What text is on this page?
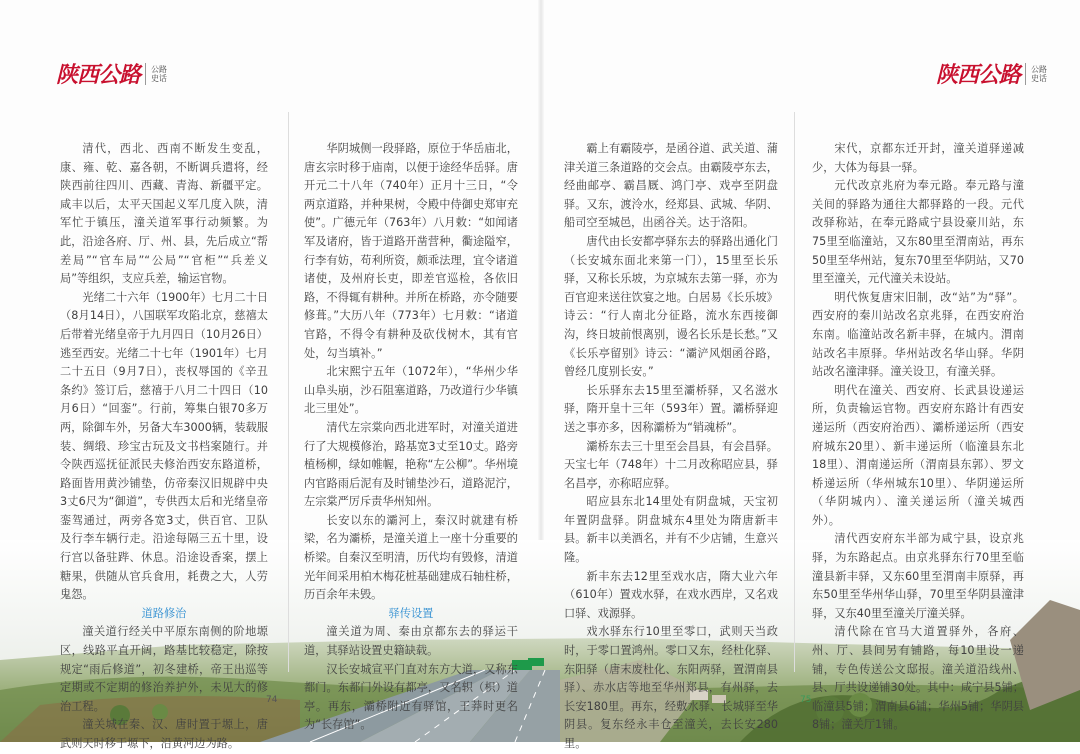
陕西公路 公路
史话	陕西公路 公路
史话

清代，西北、西南不断发生变乱，康、雍、乾、嘉各朝，不断调兵遣将，经陕西前往四川、西藏、青海、新疆平定。咸丰以后，太平天国起义军几度入陕，清军忙于镇压，潼关道军事行动频繁。为此，沿途各府、厅、州、县，先后成立“帮差局”“官车局”“公局”“官柜”“兵差义局”等组织，支应兵差，输运官物。

光绪二十六年（1900年）七月二十日（8月14日），八国联军攻陷北京，慈禧太后带着光绪皇帝于九月四日（10月26日）逃至西安。光绪二十七年（1901年）七月二十五日（9月7日），丧权辱国的《辛丑条约》签订后，慈禧于八月二十四日（10月6日）“回銮”。行前，筹集白银70多万两，除御车外，另备大车3000辆，装载服装、绸缎、珍宝古玩及文书档案随行。并令陕西巡抚征派民夫修治西安东路道桥，路面皆用黄沙铺垫，仿帝秦汉旧规辟中央3丈6尺为“御道”，专供西太后和光绪皇帝銮驾通过，两旁各宽3丈，供百官、卫队及行李车辆行走。沿途每隔三五十里，设行宫以备驻跸、休息。沿途设香案，摆上糖果，供随从官兵食用，耗费之大，人劳鬼怨。

道路修治

潼关道行经关中平原东南侧的阶地塬区，线路平直开阔，路基比较稳定，除按规定“雨后修道”，初冬建桥，帝王出巡等定期或不定期的修治养护外，未见大的修治工程。

潼关城在秦、汉、唐时置于塬上，唐武则天时移于塬下，沿黄河边为路。

华阴城侧一段驿路，原位于华岳庙北，唐玄宗时移于庙南，以便于途经华岳驿。唐开元二十八年（740年）正月十三日，“令两京道路，并种果树，令殿中侍御史郑审充使”。广德元年（763年）八月敕：“如闻诸军及诸府，皆于道路开凿营种，衢途隘窄，行李有妨，苟利所资，颇乖法理，宜令诸道诸使，及州府长吏，即差官巡检，各依旧路，不得辄有耕种。并所在桥路，亦令随要修葺。”大历八年（773年）七月敕：“诸道官路，不得令有耕种及砍伐树木，其有官处，勾当填补。”

北宋熙宁五年（1072年），“华州少华山阜头崩，沙石阻塞道路，乃改道行少华镇北三里处”。

清代左宗棠向西北进军时，对潼关道进行了大规模修治，路基宽3丈至10丈。路旁植杨柳，绿如帷幄，艳称“左公柳”。华州境内官路雨后泥有及时铺垫沙石，道路泥泞，左宗棠严厉斥责华州知州。

长安以东的灞河上，秦汉时就建有桥梁，名为灞桥，是潼关道上一座十分重要的桥梁。自秦汉至明清，历代均有毁修，清道光年间采用柏木梅花桩基础建成石轴柱桥，历百余年未毁。

驿传设置

潼关道为周、秦由京都东去的驿运干道，其驿站设置史籍缺载。

汉长安城宣平门直对东方大道，又称东都门。东都门外设有都亭，又名轵（枳）道亭。再东，灞桥附近有驿馆，王莽时更名为“长存馆”。

霸上有霸陵亭，是函谷道、武关道、蒲津关道三条道路的交会点。由霸陵亭东去，经曲邮亭、霸昌厩、鸿门亭、戏亭至阴盘驿。又东，渡泠水，经郑县、武城、华阴、船司空至城邑，出函谷关。达于洛阳。

唐代由长安都亭驿东去的驿路出通化门（长安城东面北来第一门），15里至长乐驿，又称长乐坡，为京城东去第一驿，亦为百官迎来送往饮宴之地。白居易《长乐坡》诗云：“行人南北分征路，流水东西接御沟，终日坡前恨离别，谩名长乐是长愁。”又《长乐亭留别》诗云：“灞浐风烟函谷路，曾经几度别长安。”

长乐驿东去15里至灞桥驿，又名滋水驿，隋开皇十三年（593年）置。灞桥驿迎送之事亦多，因称灞桥为“销魂桥”。

灞桥东去三十里至会昌县，有会昌驿。天宝七年（748年）十二月改称昭应县，驿名昌亭，亦称昭应驿。

昭应县东北14里处有阴盘城，天宝初年置阴盘驿。阴盘城东4里处为隋唐新丰县。新丰以美酒名，并有不少店铺，生意兴隆。

新丰东去12里至戏水店，隋大业六年（610年）置戏水驿，在戏水西岸，又名戏口驿、戏源驿。

戏水驿东行10里至零口，武则天当政时，于零口置鸿州。零口又东，经杜化驿、东阳驿（唐末废杜化、东阳两驿，置渭南县驿）、赤水店等地至华州郑县，有州驿，去长安180里。再东，经敷水驿、长城驿至华阴县。复东经永丰仓至潼关，去长安280里。

宋代，京都东迁开封，潼关道驿递减少，大体为每县一驿。

元代改京兆府为奉元路。奉元路与潼关间的驿路为通往大都驿路的一段。元代改驿称站，在奉元路咸宁县设豪川站，东75里至临潼站，又东80里至渭南站，再东50里至华州站，复东70里至华阴站，又70里至潼关，元代潼关未设站。

明代恢复唐宋旧制，改“站”为“驿”。西安府的秦川站改名京兆驿，在西安府治东南。临潼站改名新丰驿，在城内。渭南站改名丰原驿。华州站改名华山驿。华阴站改名潼津驿。潼关设卫，有潼关驿。

明代在潼关、西安府、长武县设递运所，负责输运官物。西安府东路计有西安递运所（西安府治西）、灞桥递运所（西安府城东20里）、新丰递运所（临潼县东北18里）、渭南递运所（渭南县东郭）、罗文桥递运所（华州城东10里）、华阴递运所（华阴城内）、潼关递运所（潼关城西外）。

清代西安府东半部为咸宁县，设京兆驿，为东路起点。由京兆驿东行70里至临潼县新丰驿，又东60里至渭南丰原驿，再东50里至华州华山驿，70里至华阴县潼津驿，又东40里至潼关厅潼关驿。

清代除在官马大道置驿外，各府、州、厅、县间另有铺路，每10里设一递铺，专色传送公文邸报。潼关道沿线州、县、厅共设递铺30处。其中：咸宁县5铺；临潼县5铺；渭南县6铺；华州5铺；华阴县8铺；潼关厅1铺。

74	75
